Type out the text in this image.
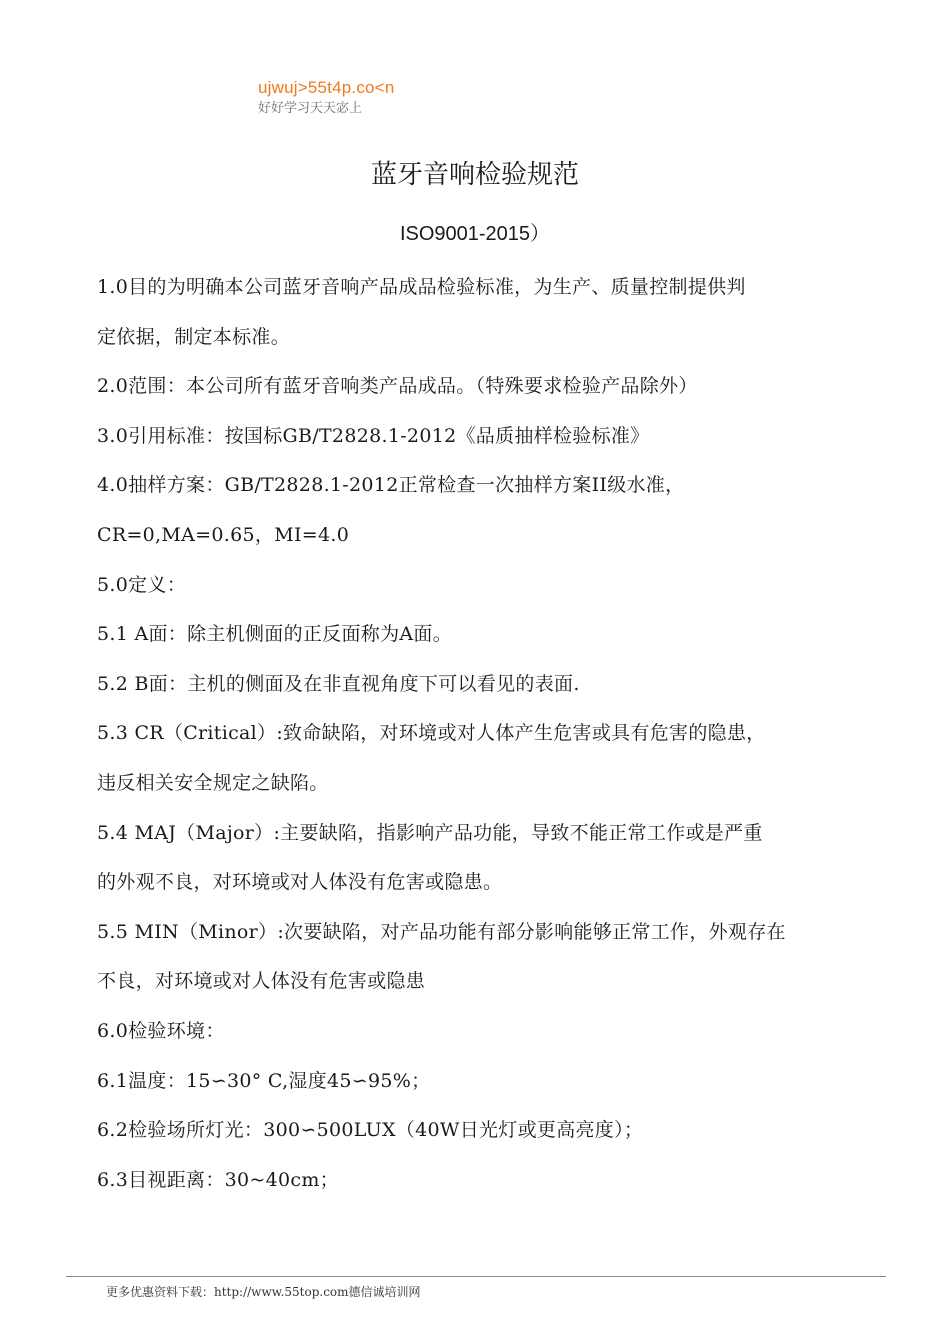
ujwuj>55t4p.co<n
好好学习天天宓上
蓝牙音响检验规范
ISO9001-2015）

1.0目的为明确本公司蓝牙音响产品成品检验标准，为生产、质量控制提供判

定依据，制定本标准。

2.0范围：本公司所有蓝牙音响类产品成品。（特殊要求检验产品除外）

3.0引用标准：按国标GB/T2828.1-2012《品质抽样检验标准》

4.0抽样方案：GB/T2828.1-2012正常检查一次抽样方案II级水准，

CR=0,MA=0.65，MI=4.0

5.0定义：

5.1 A面：除主机侧面的正反面称为A面。

5.2 B面：主机的侧面及在非直视角度下可以看见的表面.

5.3 CR（Critical）:致命缺陷，对环境或对人体产生危害或具有危害的隐患，

违反相关安全规定之缺陷。

5.4 MAJ（Major）:主要缺陷，指影响产品功能，导致不能正常工作或是严重

的外观不良，对环境或对人体没有危害或隐患。

5.5 MIN（Minor）:次要缺陷，对产品功能有部分影响能够正常工作，外观存在

不良，对环境或对人体没有危害或隐患

6.0检验环境：

6.1温度：15∽30° C,湿度45∽95%；

6.2检验场所灯光：300∽500LUX（40W日光灯或更高亮度）；

6.3目视距离：30~40cm；

更多优惠资料下载：http://www.55top.com德信诚培训网
